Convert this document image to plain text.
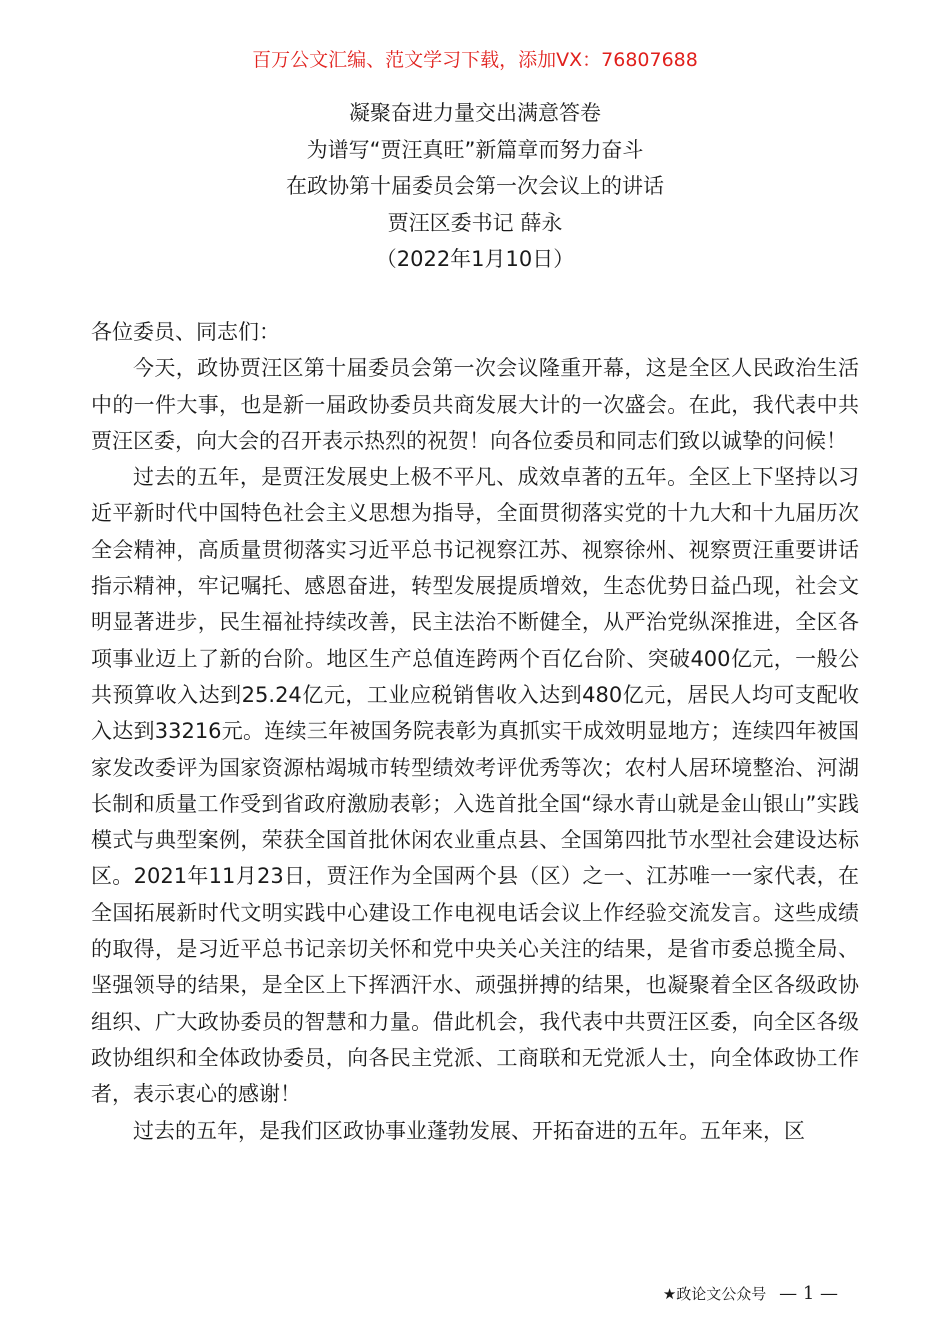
百万公文汇编、范文学习下载，添加VX：76807688
凝聚奋进力量交出满意答卷
为谱写“贾汪真旺”新篇章而努力奋斗
在政协第十届委员会第一次会议上的讲话
贾汪区委书记 薛永
（2022年1月10日）

各位委员、同志们：

今天，政协贾汪区第十届委员会第一次会议隆重开幕，这是全区人民政治生活中的一件大事，也是新一届政协委员共商发展大计的一次盛会。在此，我代表中共贾汪区委，向大会的召开表示热烈的祝贺！向各位委员和同志们致以诚挚的问候！

过去的五年，是贾汪发展史上极不平凡、成效卓著的五年。全区上下坚持以习近平新时代中国特色社会主义思想为指导，全面贯彻落实党的十九大和十九届历次全会精神，高质量贯彻落实习近平总书记视察江苏、视察徐州、视察贾汪重要讲话指示精神，牢记嘱托、感恩奋进，转型发展提质增效，生态优势日益凸现，社会文明显著进步，民生福祉持续改善，民主法治不断健全，从严治党纵深推进，全区各项事业迈上了新的台阶。地区生产总值连跨两个百亿台阶、突破400亿元，一般公共预算收入达到25.24亿元，工业应税销售收入达到480亿元，居民人均可支配收入达到33216元。连续三年被国务院表彰为真抓实干成效明显地方；连续四年被国家发改委评为国家资源枯竭城市转型绩效考评优秀等次；农村人居环境整治、河湖长制和质量工作受到省政府激励表彰；入选首批全国“绿水青山就是金山银山”实践模式与典型案例，荣获全国首批休闲农业重点县、全国第四批节水型社会建设达标区。2021年11月23日，贾汪作为全国两个县（区）之一、江苏唯一一家代表，在全国拓展新时代文明实践中心建设工作电视电话会议上作经验交流发言。这些成绩的取得，是习近平总书记亲切关怀和党中央关心关注的结果，是省市委总揽全局、坚强领导的结果，是全区上下挥洒汗水、顽强拼搏的结果，也凝聚着全区各级政协组织、广大政协委员的智慧和力量。借此机会，我代表中共贾汪区委，向全区各级政协组织和全体政协委员，向各民主党派、工商联和无党派人士，向全体政协工作者，表示衷心的感谢！

过去的五年，是我们区政协事业蓬勃发展、开拓奋进的五年。五年来，区

★政论文公众号 — 1 —
